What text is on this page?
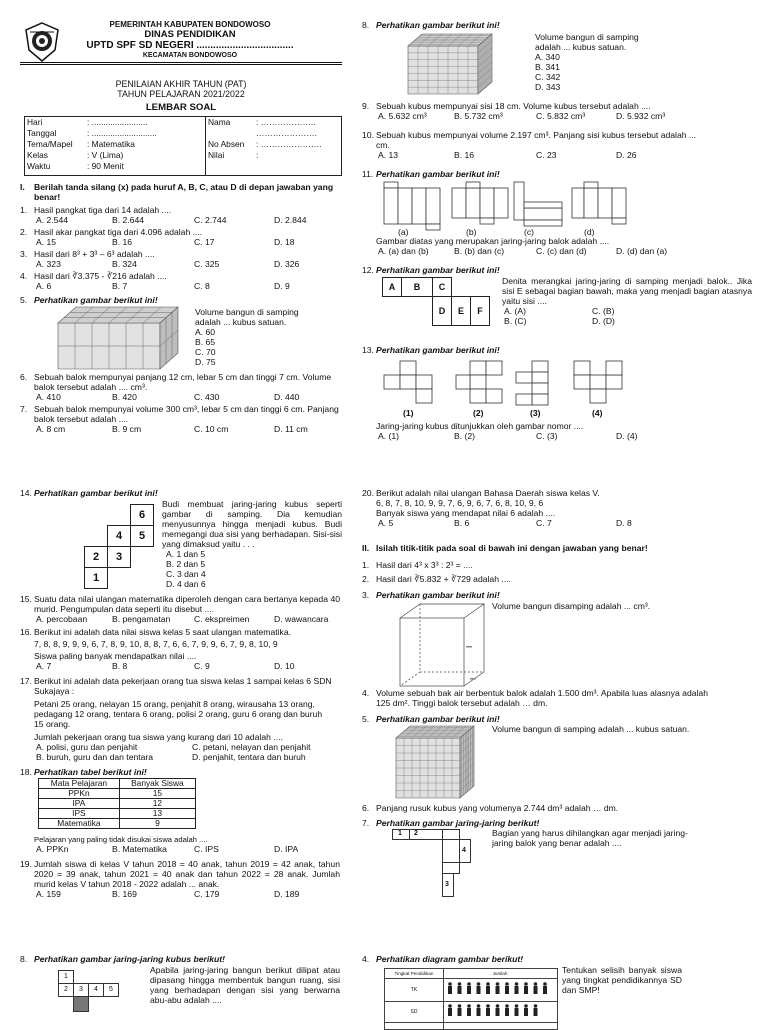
PEMERINTAH KABUPATEN BONDOWOSO
DINAS PENDIDIKAN
UPTD SPF SD NEGERI ...................................
KECAMATAN BONDOWOSO
PENILAIAN AKHIR TAHUN (PAT)
TAHUN PELAJARAN 2021/2022
LEMBAR SOAL
Hari	: ........................
Tanggal	: ............................
Tema/Mapel	: Matematika
Kelas	: V (Lima)
Waktu	: 90 Menit
Nama	: ………………..
	………………….
No Absen	: ………………….
Nilai	:

I. Berilah tanda silang (x) pada huruf A, B, C, atau D di depan jawaban yang benar!
1. Hasil pangkat tiga dari 14 adalah ....
A. 2.544	B. 2.644	C. 2.744	D. 2.844
2. Hasil akar pangkat tiga dari 4.096 adalah ....
A. 15	B. 16	C. 17	D. 18
3. Hasil dari 8³ + 3³ – 6³ adalah ....
A. 323	B. 324	C. 325	D. 326
4. Hasil dari ∛3.375 - ∛216 adalah ....
A. 6	B. 7	C. 8	D. 9
5. Perhatikan gambar berikut ini!
Volume bangun di samping adalah ... kubus satuan.
A. 60
B. 65
C. 70
D. 75
6. Sebuah balok mempunyai panjang 12 cm, lebar 5 cm dan tinggi 7 cm. Volume balok tersebut adalah .... cm³.
A. 410	B. 420	C. 430	D. 440
7. Sebuah balok mempunyai volume 300 cm³, lebar 5 cm dan tinggi 6 cm. Panjang balok tersebut adalah ....
A. 8 cm	B. 9 cm	C. 10 cm	D. 11 cm
8. Perhatikan gambar berikut ini!
Volume bangun di samping adalah ... kubus satuan.
A. 340
B. 341
C. 342
D. 343
9. Sebuah kubus mempunyai sisi 18 cm. Volume kubus tersebut adalah ....
A. 5.632 cm³	B. 5.732 cm³	C. 5.832 cm³	D. 5.932 cm³
10. Sebuah kubus mempunyai volume 2.197 cm³. Panjang sisi kubus tersebut adalah ... cm.
A. 13	B. 16	C. 23	D. 26
11. Perhatikan gambar berikut ini!
(a)	(b)	(c)	(d)
Gambar diatas yang merupakan jaring-jaring balok adalah ....
A. (a) dan (b)	B. (b) dan (c)	C. (c) dan (d)	D. (d) dan (a)
12. Perhatikan gambar berikut ini!
A	B	C
D	E	F
Denita merangkai jaring-jaring di samping menjadi balok.. Jika sisi E sebagai bagian bawah, maka yang menjadi bagian atasnya yaitu sisi ....
A. (A)	C. (B)
B. (C)	D. (D)
13. Perhatikan gambar berikut ini!
(1)	(2)	(3)	(4)
Jaring-jaring kubus ditunjukkan oleh gambar nomor ....
A. (1)	B. (2)	C. (3)	D. (4)
14. Perhatikan gambar berikut ini!
6
4	5
2	3
1
Budi membuat jaring-jaring kubus seperti gambar di samping. Dia kemudian menyusunnya hingga menjadi kubus. Budi memegangi dua sisi yang berhadapan. Sisi-sisi yang dimaksud yaitu . . .
A. 1 dan 5
B. 2 dan 5
C. 3 dan 4
D. 4 dan 6
15. Suatu data nilai ulangan matematika diperoleh dengan cara bertanya kepada 40 murid. Pengumpulan data seperti itu disebut ....
A. percobaan	B. pengamatan	C. ekspreimen	D. wawancara
16. Berikut ini adalah data nilai siswa kelas 5 saat ulangan matematika.
7, 8, 8, 9, 9, 9, 6, 7, 8, 9, 10, 8, 8, 7, 6, 6, 7, 9, 9, 6, 7, 9, 8, 10, 9
Siswa paling banyak mendapatkan nilai ....
A. 7	B. 8	C. 9	D. 10
17. Berikut ini adalah data pekerjaan orang tua siswa kelas 1 sampai kelas 6 SDN Sukajaya :
Petani 25 orang, nelayan 15 orang, penjahit 8 orang, wirausaha 13 orang, pedagang 12 orang, tentara 6 orang, polisi 2 orang, guru 6 orang dan buruh 15 orang.
Jumlah pekerjaan orang tua siswa yang kurang dari 10 adalah ....
A. polisi, guru dan penjahit	C. petani, nelayan dan penjahit
B. buruh, guru dan dan tentara	D. penjahit, tentara dan buruh
18. Perhatikan tabel berikut ini!
Mata Pelajaran	Banyak Siswa
PPKn	15
IPA	12
IPS	13
Matematika	9
Pelajaran yang paling tidak disukai siswa adalah ....
A. PPKn	B. Matematika	C. IPS	D. IPA
19. Jumlah siswa di kelas V tahun 2018 = 40 anak, tahun 2019 = 42 anak, tahun 2020 = 39 anak, tahun 2021 = 40 anak dan tahun 2022 = 28 anak. Jumlah murid kelas V tahun 2018 - 2022 adalah ... anak.
A. 159	B. 169	C. 179	D. 189
20. Berikut adalah nilai ulangan Bahasa Daerah siswa kelas V.
6, 8, 7, 8, 10, 9, 9, 7, 6, 9, 6, 7, 6, 8, 10, 9, 6
Banyak siswa yang mendapat nilai 6 adalah ....
A. 5	B. 6	C. 7	D. 8
II. Isilah titik-titik pada soal di bawah ini dengan jawaban yang benar!
1. Hasil dari 4³ x 3³ : 2³ = ....
2. Hasil dari ∛5.832 + ∛729 adalah ....
3. Perhatikan gambar berikut ini!
Volume bangun disamping adalah ... cm³.
4. Volume sebuah bak air berbentuk balok adalah 1.500 dm³. Apabila luas alasnya adalah 125 dm². Tinggi balok tersebut adalah … dm.
5. Perhatikan gambar berikut ini!
Volume bangun di samping adalah ... kubus satuan.
6. Panjang rusuk kubus yang volumenya 2.744 dm³ adalah … dm.
7. Perhatikan gambar jaring-jaring berikut!
1 2
4
3
Bagian yang harus dihilangkan agar menjadi jaring-jaring balok yang benar adalah ....
8. Perhatikan gambar jaring-jaring kubus berikut!
1
2	3	4	5
Apabila jaring-jaring bangun berikut dilipat atau dipasang hingga membentuk bangun ruang, sisi yang berhadapan dengan sisi yang berwarna abu-abu adalah ....
4. Perhatikan diagram gambar berikut!
Tingkat Pendidikan	Jumlah
TK
SD
Tentukan selisih banyak siswa yang tingkat pendidikannya SD dan SMP!
